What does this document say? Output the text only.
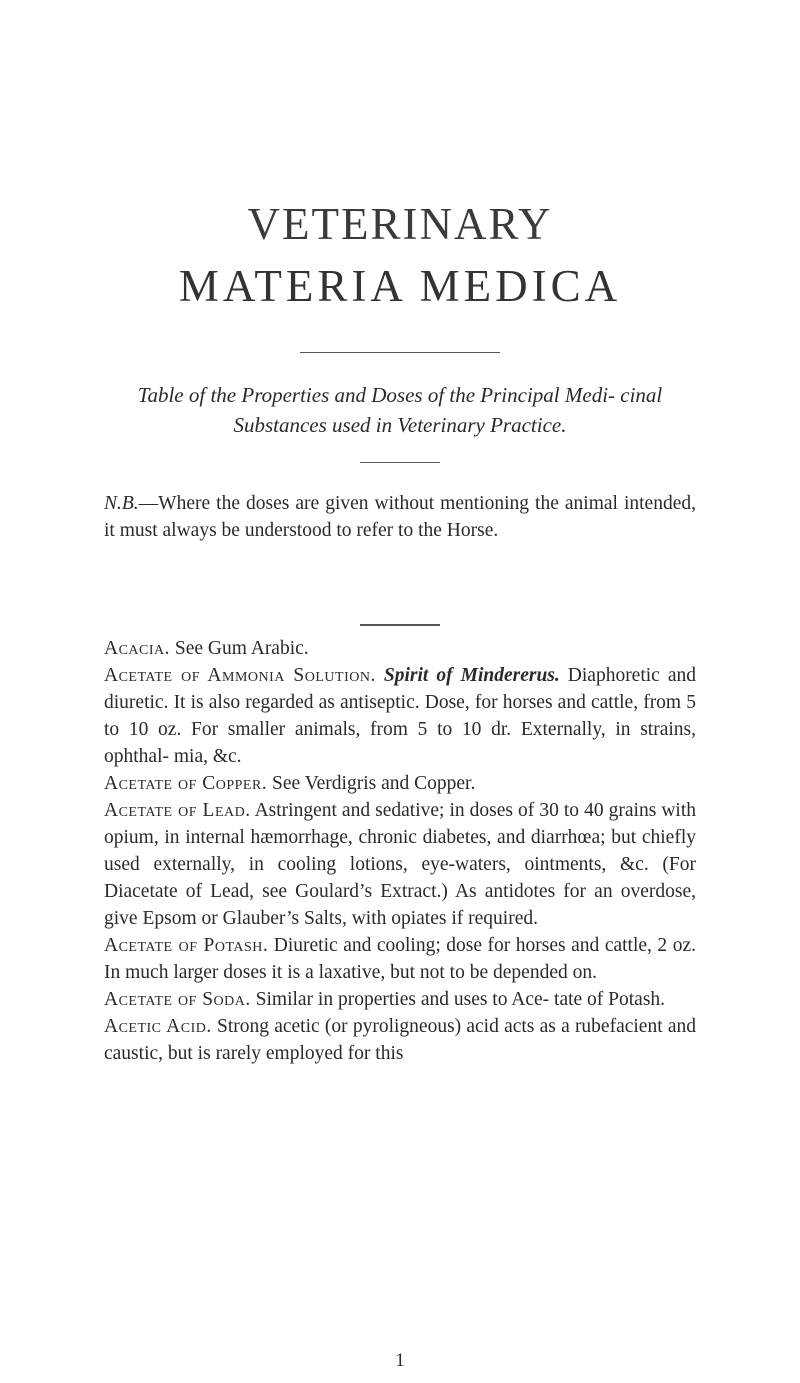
VETERINARY
MATERIA MEDICA
Table of the Properties and Doses of the Principal Medi- cinal Substances used in Veterinary Practice.
N.B.—Where the doses are given without mentioning the animal intended, it must always be understood to refer to the Horse.

Acacia. See Gum Arabic.

Acetate of Ammonia Solution. Spirit of Mindererus. Diaphoretic and diuretic. It is also regarded as antiseptic. Dose, for horses and cattle, from 5 to 10 oz. For smaller animals, from 5 to 10 dr. Externally, in strains, ophthal- mia, &c.

Acetate of Copper. See Verdigris and Copper.

Acetate of Lead. Astringent and sedative; in doses of 30 to 40 grains with opium, in internal hæmorrhage, chronic diabetes, and diarrhœa; but chiefly used externally, in cooling lotions, eye-waters, ointments, &c. (For Diacetate of Lead, see Goulard’s Extract.) As antidotes for an overdose, give Epsom or Glauber’s Salts, with opiates if required.

Acetate of Potash. Diuretic and cooling; dose for horses and cattle, 2 oz. In much larger doses it is a laxative, but not to be depended on.

Acetate of Soda. Similar in properties and uses to Ace- tate of Potash.

Acetic Acid. Strong acetic (or pyroligneous) acid acts as a rubefacient and caustic, but is rarely employed for this

1
